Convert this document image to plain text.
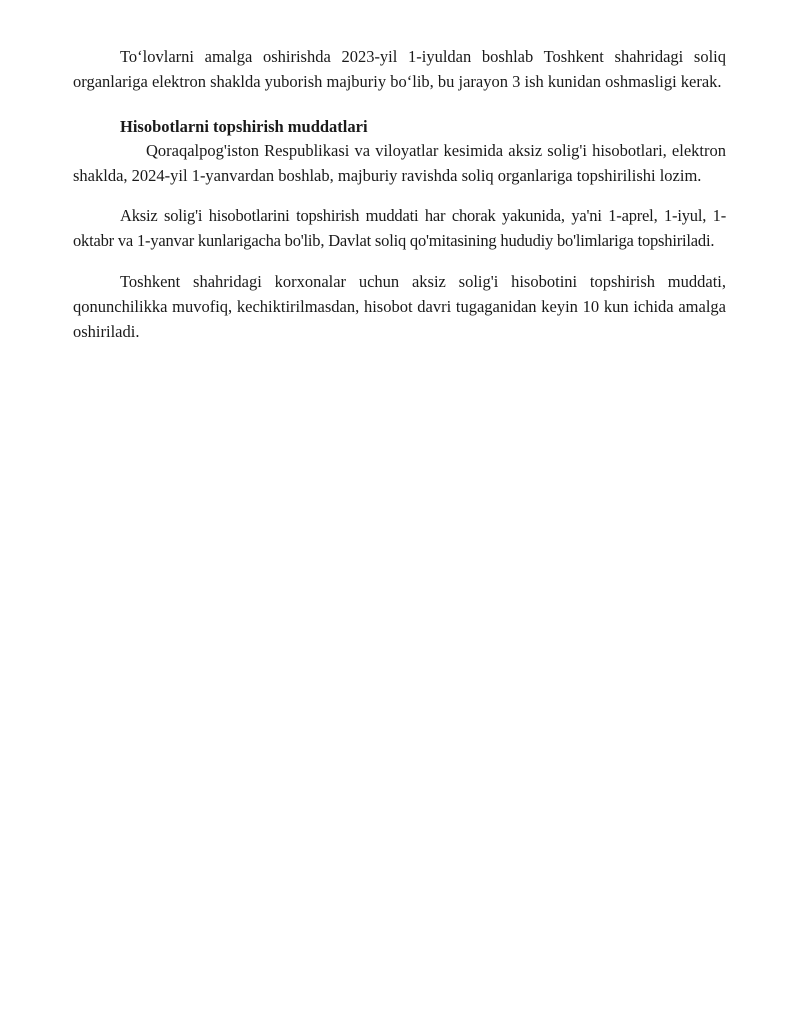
To‘lovlarni amalga oshirishda 2023-yil 1-iyuldan boshlab Toshkent shahridagi soliq organlariga elektron shaklda yuborish majburiy bo‘lib, bu jarayon 3 ish kunidan oshmasligi kerak.

Hisobotlarni topshirish muddatlari

Qoraqalpog'iston Respublikasi va viloyatlar kesimida aksiz solig'i hisobotlari, elektron shaklda, 2024-yil 1-yanvardan boshlab, majburiy ravishda soliq organlariga topshirilishi lozim.

Aksiz solig'i hisobotlarini topshirish muddati har chorak yakunida, ya'ni 1-aprel, 1-iyul, 1-oktabr va 1-yanvar kunlarigacha bo'lib, Davlat soliq qo'mitasining hududiy bo'limlariga topshiriladi.

Toshkent shahridagi korxonalar uchun aksiz solig'i hisobotini topshirish muddati, qonunchilikka muvofiq, kechiktirilmasdan, hisobot davri tugaganidan keyin 10 kun ichida amalga oshiriladi.
